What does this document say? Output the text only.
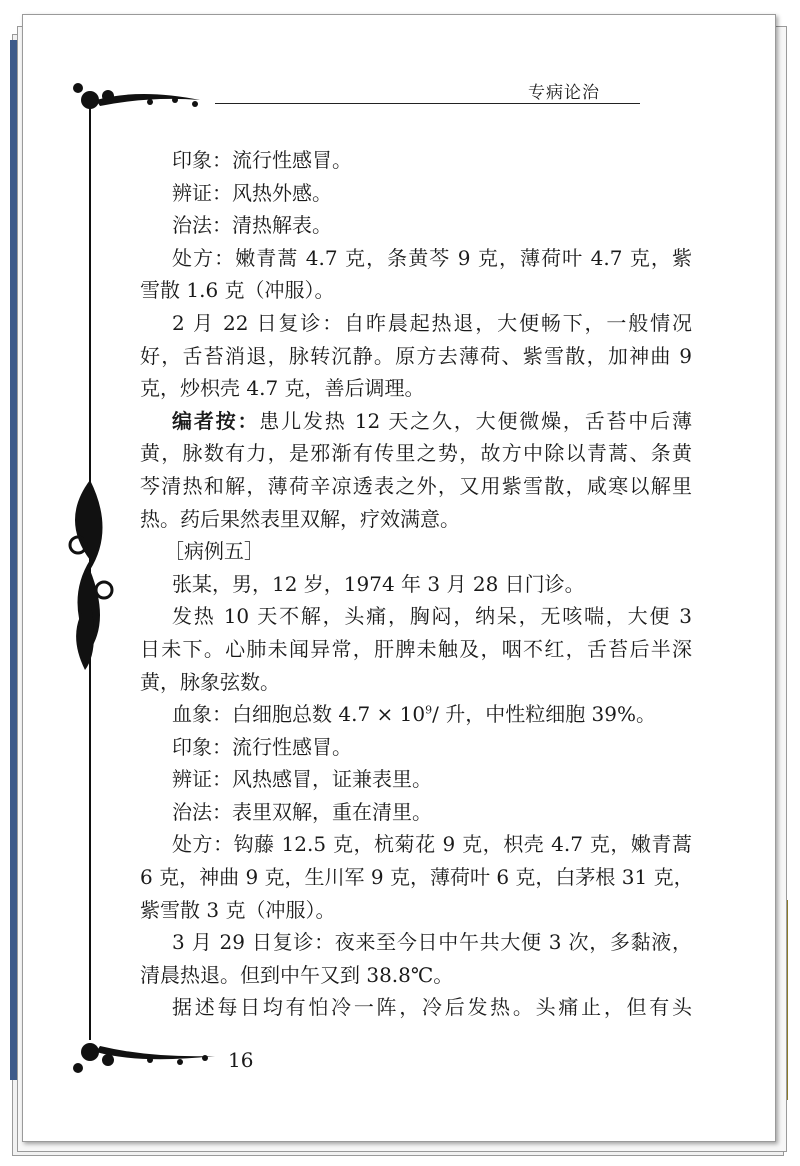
专病论治
印象：流行性感冒。
辨证：风热外感。
治法：清热解表。
处方：嫩青蒿 4.7 克，条黄芩 9 克，薄荷叶 4.7 克，紫
雪散 1.6 克（冲服）。
2 月 22 日复诊：自昨晨起热退，大便畅下，一般情况
好，舌苔消退，脉转沉静。原方去薄荷、紫雪散，加神曲 9
克，炒枳壳 4.7 克，善后调理。
编者按：患儿发热 12 天之久，大便微燥，舌苔中后薄
黄，脉数有力，是邪渐有传里之势，故方中除以青蒿、条黄
芩清热和解，薄荷辛凉透表之外，又用紫雪散，咸寒以解里
热。药后果然表里双解，疗效满意。
［病例五］
张某，男，12 岁，1974 年 3 月 28 日门诊。
发热 10 天不解，头痛，胸闷，纳呆，无咳喘，大便 3
日未下。心肺未闻异常，肝脾未触及，咽不红，舌苔后半深
黄，脉象弦数。
血象：白细胞总数 $4.7 \times 10^9/$ 升，中性粒细胞 39%。
印象：流行性感冒。
辨证：风热感冒，证兼表里。
治法：表里双解，重在清里。
处方：钩藤 12.5 克，杭菊花 9 克，枳壳 4.7 克，嫩青蒿
6 克，神曲 9 克，生川军 9 克，薄荷叶 6 克，白茅根 31 克，
紫雪散 3 克（冲服）。
3 月 29 日复诊：夜来至今日中午共大便 3 次，多黏液，
清晨热退。但到中午又到 38.8℃。
据述每日均有怕冷一阵，冷后发热。头痛止，但有头
16
